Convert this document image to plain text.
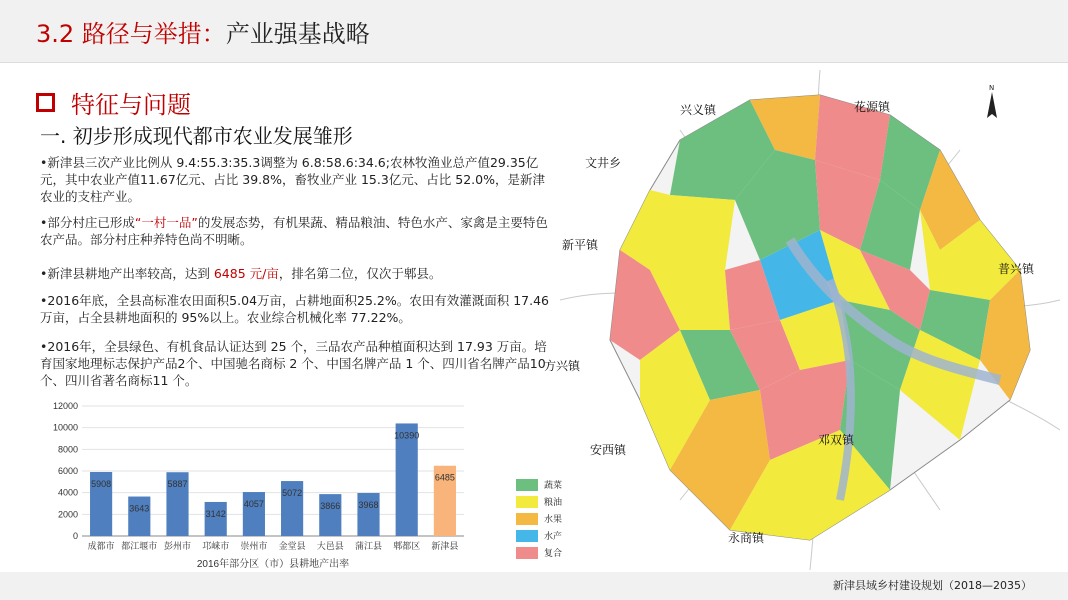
3.2 路径与举措：产业强基战略
特征与问题
一. 初步形成现代都市农业发展雏形
•新津县三次产业比例从 9.4:55.3:35.3调整为 6.8:58.6:34.6;农林牧渔业总产值29.35亿元，其中农业产值11.67亿元、占比 39.8%，畜牧业产业 15.3亿元、占比 52.0%，是新津农业的支柱产业。
•部分村庄已形成“一村一品”的发展态势，有机果蔬、精品粮油、特色水产、家禽是主要特色农产品。部分村庄种养特色尚不明晰。
•新津县耕地产出率较高，达到 6485 元/亩，排名第二位，仅次于郫县。
•2016年底，全县高标准农田面积5.04万亩，占耕地面积25.2%。农田有效灌溉面积 17.46 万亩，占全县耕地面积的 95%以上。农业综合机械化率 77.22%。
•2016年，全县绿色、有机食品认证达到 25 个，三品农产品种植面积达到 17.93 万亩。培育国家地理标志保护产品2个、中国驰名商标 2 个、中国名牌产品 1 个、四川省名牌产品10 个、四川省著名商标11 个。
0
2000
4000
6000
8000
10000
12000
5908
成都市
3643
都江堰市
5887
彭州市
3142
邛崃市
4057
崇州市
5072
金堂县
3866
大邑县
3968
蒲江县
10390
郫都区
6485
新津县
2016年部分区（市）县耕地产出率
N
兴义镇	花源镇
文井乡
新平镇
普兴镇
方兴镇
安西镇
邓双镇
永商镇
蔬菜
粮油
水果
水产
复合
新津县域乡村建设规划（2018—2035）
